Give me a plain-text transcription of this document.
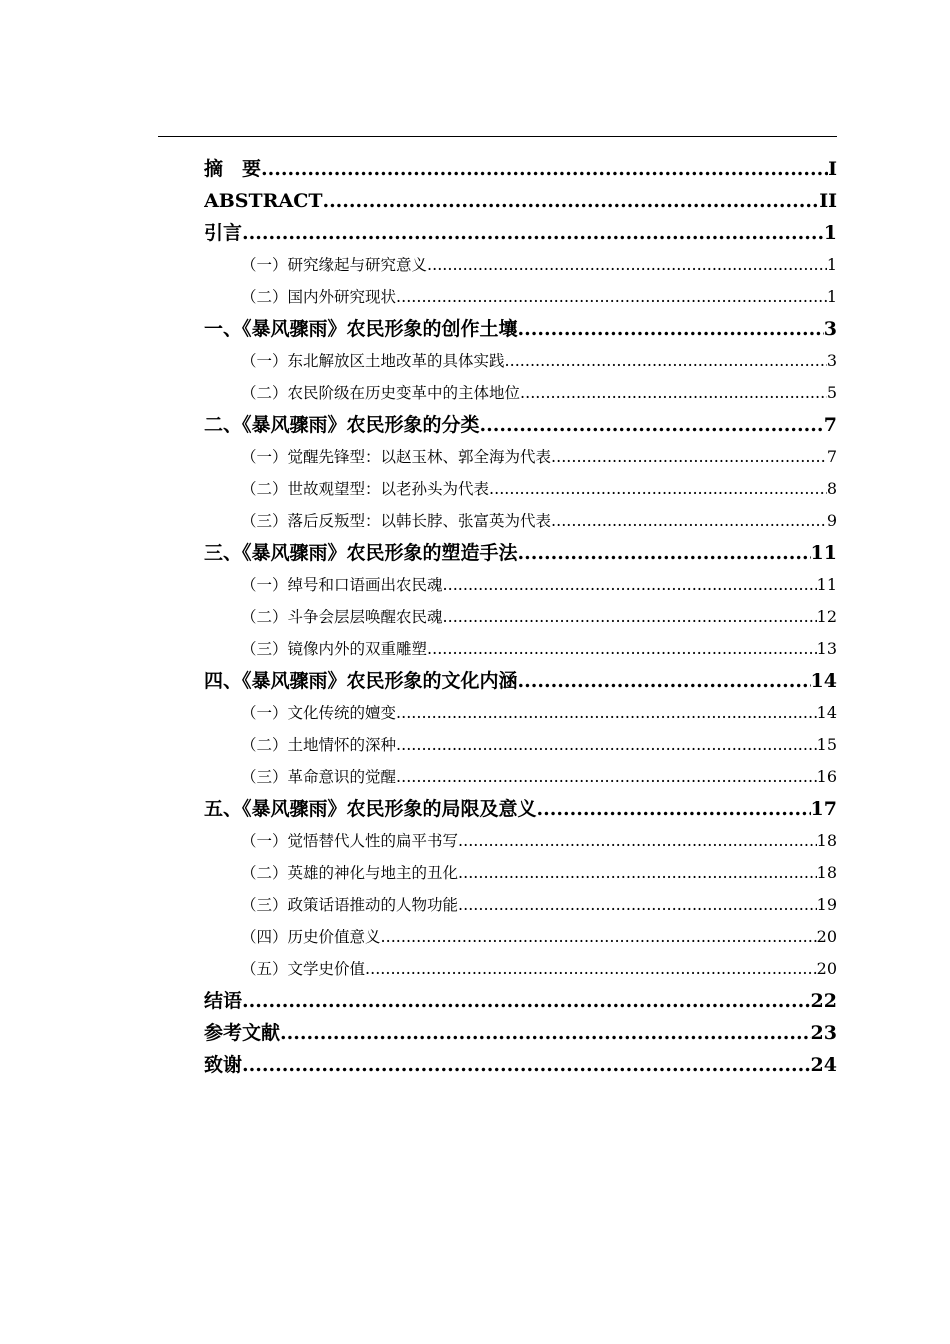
摘　要 .....	I
ABSTRACT .....	II
引言 .....	1
（一）研究缘起与研究意义 .....	1
（二）国内外研究现状 .....	1
一、《暴风骤雨》农民形象的创作土壤 .....	3
（一）东北解放区土地改革的具体实践 .....	3
（二）农民阶级在历史变革中的主体地位 .....	5
二、《暴风骤雨》农民形象的分类 .....	7
（一）觉醒先锋型：以赵玉林、郭全海为代表 .....	7
（二）世故观望型：以老孙头为代表 .....	8
（三）落后反叛型：以韩长脖、张富英为代表 .....	9
三、《暴风骤雨》农民形象的塑造手法 .....	11
（一）绰号和口语画出农民魂 .....	11
（二）斗争会层层唤醒农民魂 .....	12
（三）镜像内外的双重雕塑 .....	13
四、《暴风骤雨》农民形象的文化内涵 .....	14
（一）文化传统的嬗变 .....	14
（二）土地情怀的深种 .....	15
（三）革命意识的觉醒 .....	16
五、《暴风骤雨》农民形象的局限及意义 .....	17
（一）觉悟替代人性的扁平书写 .....	18
（二）英雄的神化与地主的丑化 .....	18
（三）政策话语推动的人物功能 .....	19
（四）历史价值意义 .....	20
（五）文学史价值 .....	20
结语 .....	22
参考文献 .....	23
致谢 .....	24
